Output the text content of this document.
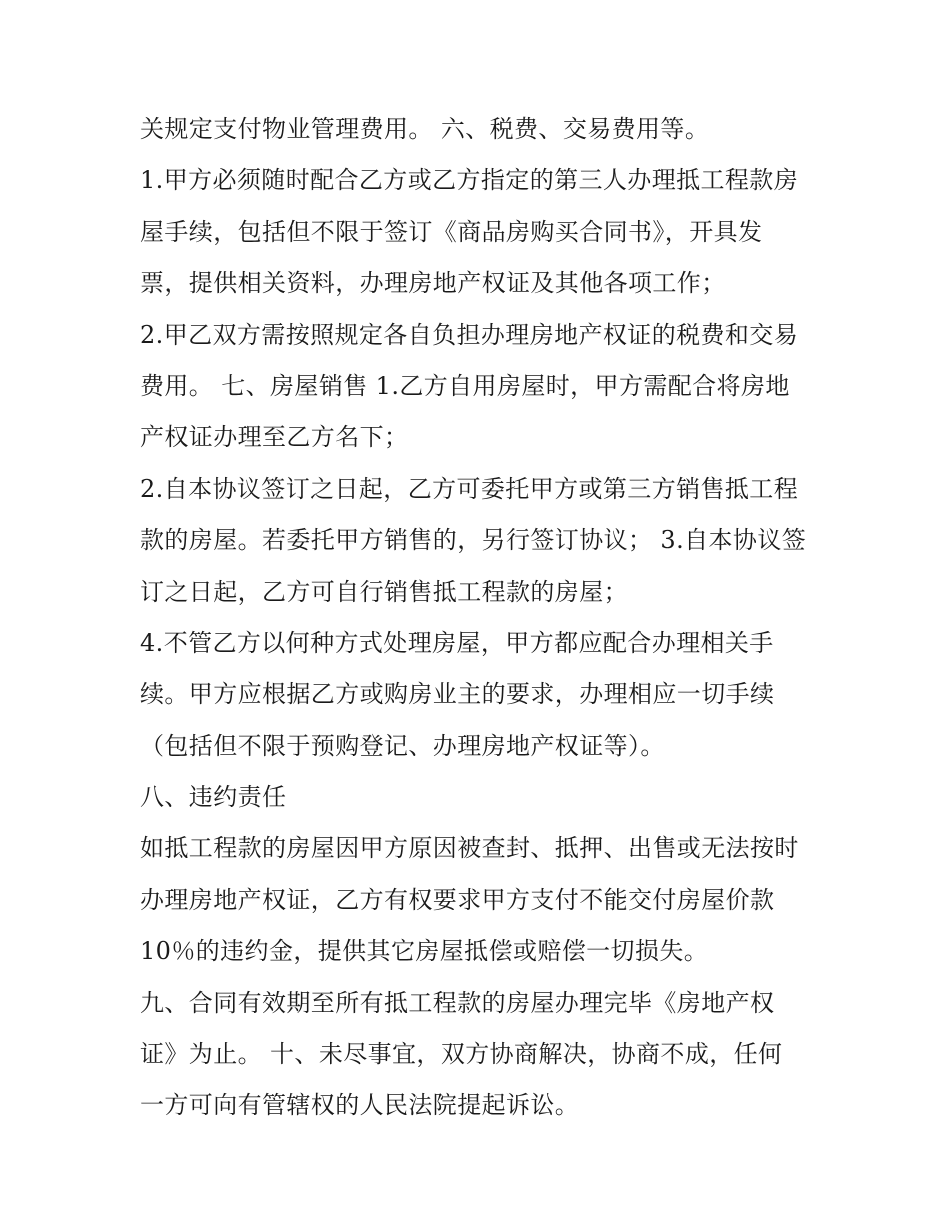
关规定支付物业管理费用。 六、税费、交易费用等。
1.甲方必须随时配合乙方或乙方指定的第三人办理抵工程款房
屋手续，包括但不限于签订《商品房购买合同书》，开具发
票，提供相关资料，办理房地产权证及其他各项工作；
2.甲乙双方需按照规定各自负担办理房地产权证的税费和交易
费用。 七、房屋销售 1.乙方自用房屋时，甲方需配合将房地
产权证办理至乙方名下；
2.自本协议签订之日起，乙方可委托甲方或第三方销售抵工程
款的房屋。若委托甲方销售的，另行签订协议； 3.自本协议签
订之日起，乙方可自行销售抵工程款的房屋；
4.不管乙方以何种方式处理房屋，甲方都应配合办理相关手
续。甲方应根据乙方或购房业主的要求，办理相应一切手续
（包括但不限于预购登记、办理房地产权证等）。
八、违约责任
如抵工程款的房屋因甲方原因被查封、抵押、出售或无法按时
办理房地产权证，乙方有权要求甲方支付不能交付房屋价款
10％的违约金，提供其它房屋抵偿或赔偿一切损失。
九、合同有效期至所有抵工程款的房屋办理完毕《房地产权
证》为止。 十、未尽事宜，双方协商解决，协商不成，任何
一方可向有管辖权的人民法院提起诉讼。
